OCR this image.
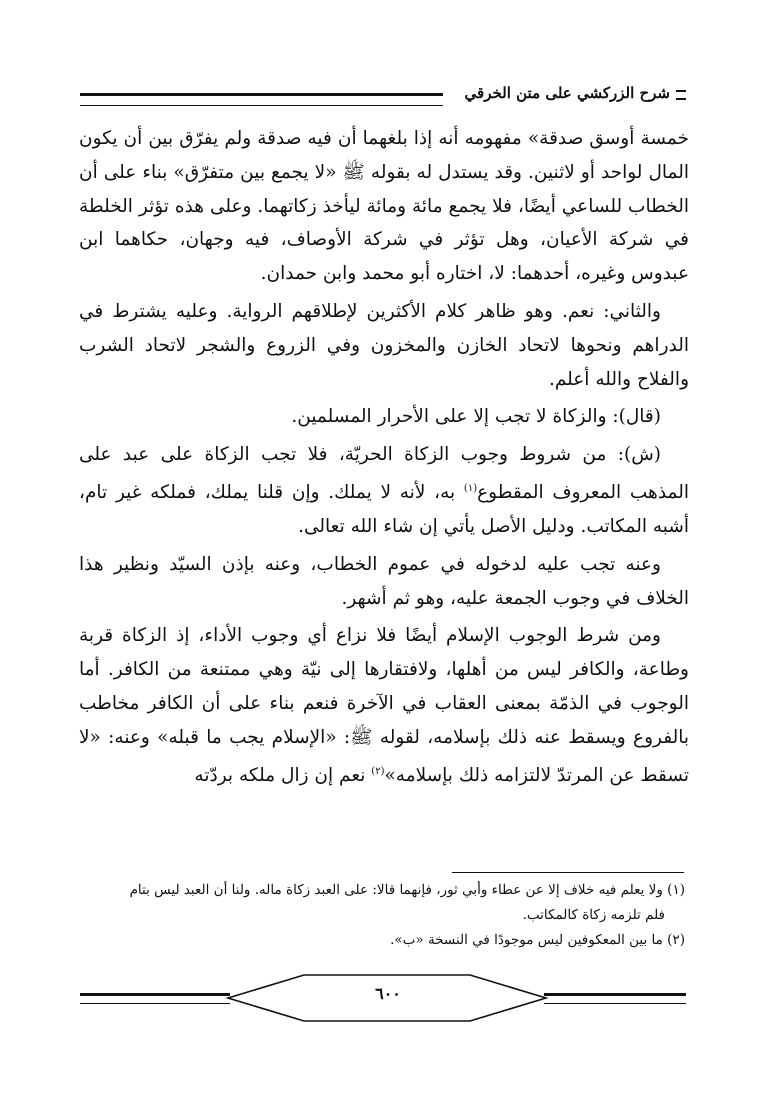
شرح الزركشي على متن الخرقي

خمسة أوسق صدقة» مفهومه أنه إذا بلغهما أن فيه صدقة ولم يفرّق بين أن يكون المال لواحد أو لاثنين. وقد يستدل له بقوله ﷺ «لا يجمع بين متفرّق» بناء على أن الخطاب للساعي أيضًا، فلا يجمع مائة ومائة ليأخذ زكاتهما. وعلى هذه تؤثر الخلطة في شركة الأعيان، وهل تؤثر في شركة الأوصاف، فيه وجهان، حكاهما ابن عبدوس وغيره، أحدهما: لا، اختاره أبو محمد وابن حمدان.

والثاني: نعم. وهو ظاهر كلام الأكثرين لإطلاقهم الرواية. وعليه يشترط في الدراهم ونحوها لاتحاد الخازن والمخزون وفي الزروع والشجر لاتحاد الشرب والفلاح والله أعلم.

(قال): والزكاة لا تجب إلا على الأحرار المسلمين.

(ش): من شروط وجوب الزكاة الحريّة، فلا تجب الزكاة على عبد على المذهب المعروف المقطوع$^{(١)}$ به، لأنه لا يملك. وإن قلنا يملك، فملكه غير تام، أشبه المكاتب. ودليل الأصل يأتي إن شاء الله تعالى.

وعنه تجب عليه لدخوله في عموم الخطاب، وعنه بإذن السيّد ونظير هذا الخلاف في وجوب الجمعة عليه، وهو ثم أشهر.

ومن شرط الوجوب الإسلام أيضًا فلا نزاع أي وجوب الأداء، إذ الزكاة قربة وطاعة، والكافر ليس من أهلها، ولافتقارها إلى نيّة وهي ممتنعة من الكافر. أما الوجوب في الذمّة بمعنى العقاب في الآخرة فنعم بناء على أن الكافر مخاطب بالفروع ويسقط عنه ذلك بإسلامه، لقوله ﷺ: «الإسلام يجب ما قبله» وعنه: «لا تسقط عن المرتدّ لالتزامه ذلك بإسلامه»$^{(٢)}$ نعم إن زال ملكه بردّته

(١) ولا يعلم فيه خلاف إلا عن عطاء وأبي ثور، فإنهما قالا: على العبد زكاة ماله. ولنا أن العبد ليس بتام

فلم تلزمه زكاة كالمكاتب.

(٢) ما بين المعكوفين ليس موجودًا في النسخة «ب».

٦٠٠
